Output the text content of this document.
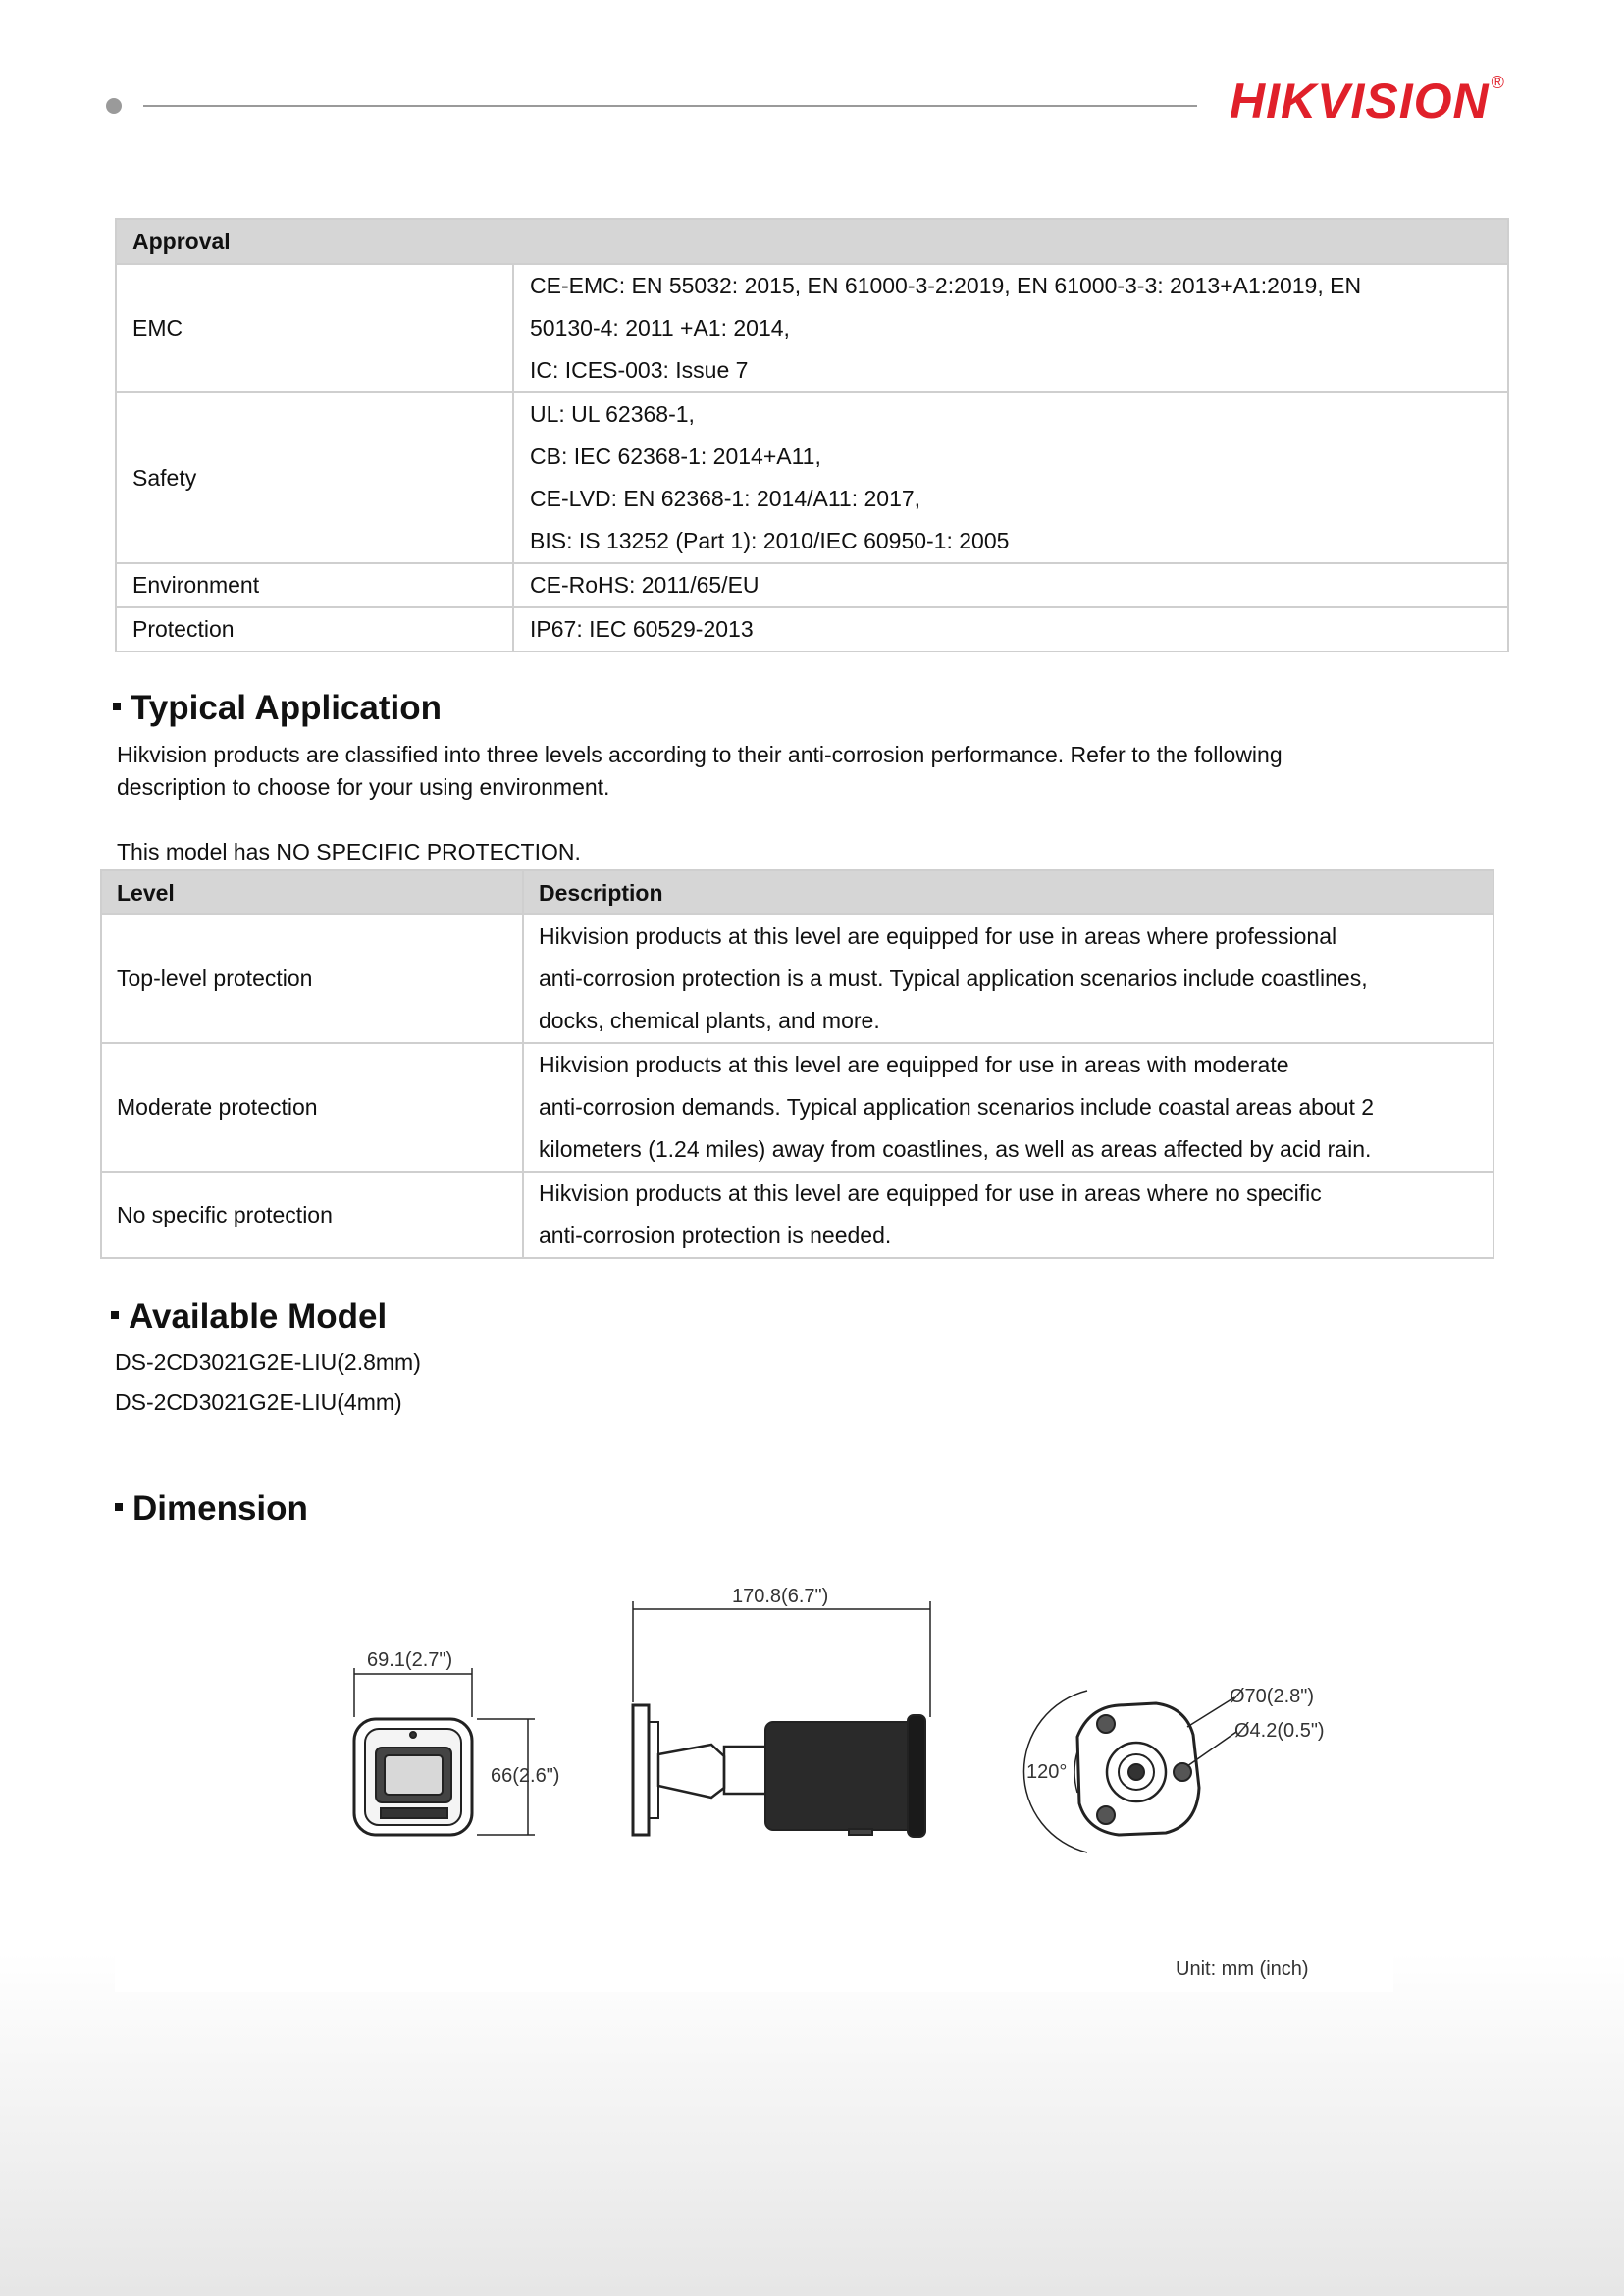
HIKVISION ®
Approval	
EMC	CE-EMC: EN 55032: 2015, EN 61000-3-2:2019, EN 61000-3-3: 2013+A1:2019, EN
50130-4: 2011 +A1: 2014,
IC: ICES-003: Issue 7

Safety	UL: UL 62368-1,
CB: IEC 62368-1: 2014+A11,
CE-LVD: EN 62368-1: 2014/A11: 2017,
BIS: IS 13252 (Part 1): 2010/IEC 60950-1: 2005

Environment	CE-RoHS: 2011/65/EU

Protection	IP67: IEC 60529-2013
Typical Application
Hikvision products are classified into three levels according to their anti-corrosion performance. Refer to the following
description to choose for your using environment.
This model has NO SPECIFIC PROTECTION.
Level	Description
Top-level protection	Hikvision products at this level are equipped for use in areas where professional
anti-corrosion protection is a must. Typical application scenarios include coastlines,
docks, chemical plants, and more.

Moderate protection	Hikvision products at this level are equipped for use in areas with moderate
anti-corrosion demands. Typical application scenarios include coastal areas about 2
kilometers (1.24 miles) away from coastlines, as well as areas affected by acid rain.

No specific protection	Hikvision products at this level are equipped for use in areas where no specific
anti-corrosion protection is needed.
Available Model
DS-2CD3021G2E-LIU(2.8mm)
DS-2CD3021G2E-LIU(4mm)
Dimension
69.1(2.7")
66(2.6")
170.8(6.7")
Ø70(2.8")
Ø4.2(0.5")
120°
Unit: mm (inch)
